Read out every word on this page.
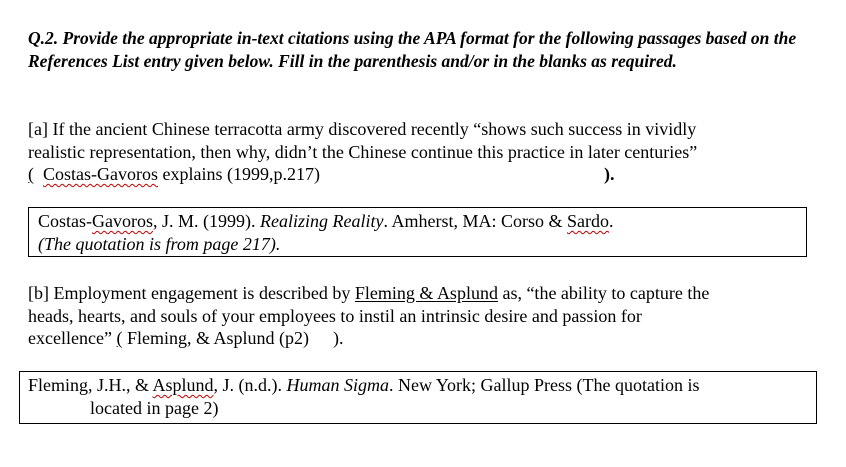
Q.2. Provide the appropriate in-text citations using the APA format for the following passages based on the References List entry given below. Fill in the parenthesis and/or in the blanks as required.
[a] If the ancient Chinese terracotta army discovered recently “shows such success in vividly
realistic representation, then why, didn’t the Chinese continue this practice in later centuries”
( Costas-Gavoros explains (1999,p.217)	).
Costas-Gavoros, J. M. (1999). Realizing Reality. Amherst, MA: Corso & Sardo.
(The quotation is from page 217).
[b] Employment engagement is described by Fleming & Asplund as, “the ability to capture the
heads, hearts, and souls of your employees to instil an intrinsic desire and passion for
excellence” ( Fleming, & Asplund (p2) ).
Fleming, J.H., & Asplund, J. (n.d.). Human Sigma. New York; Gallup Press (The quotation is
located in page 2)
